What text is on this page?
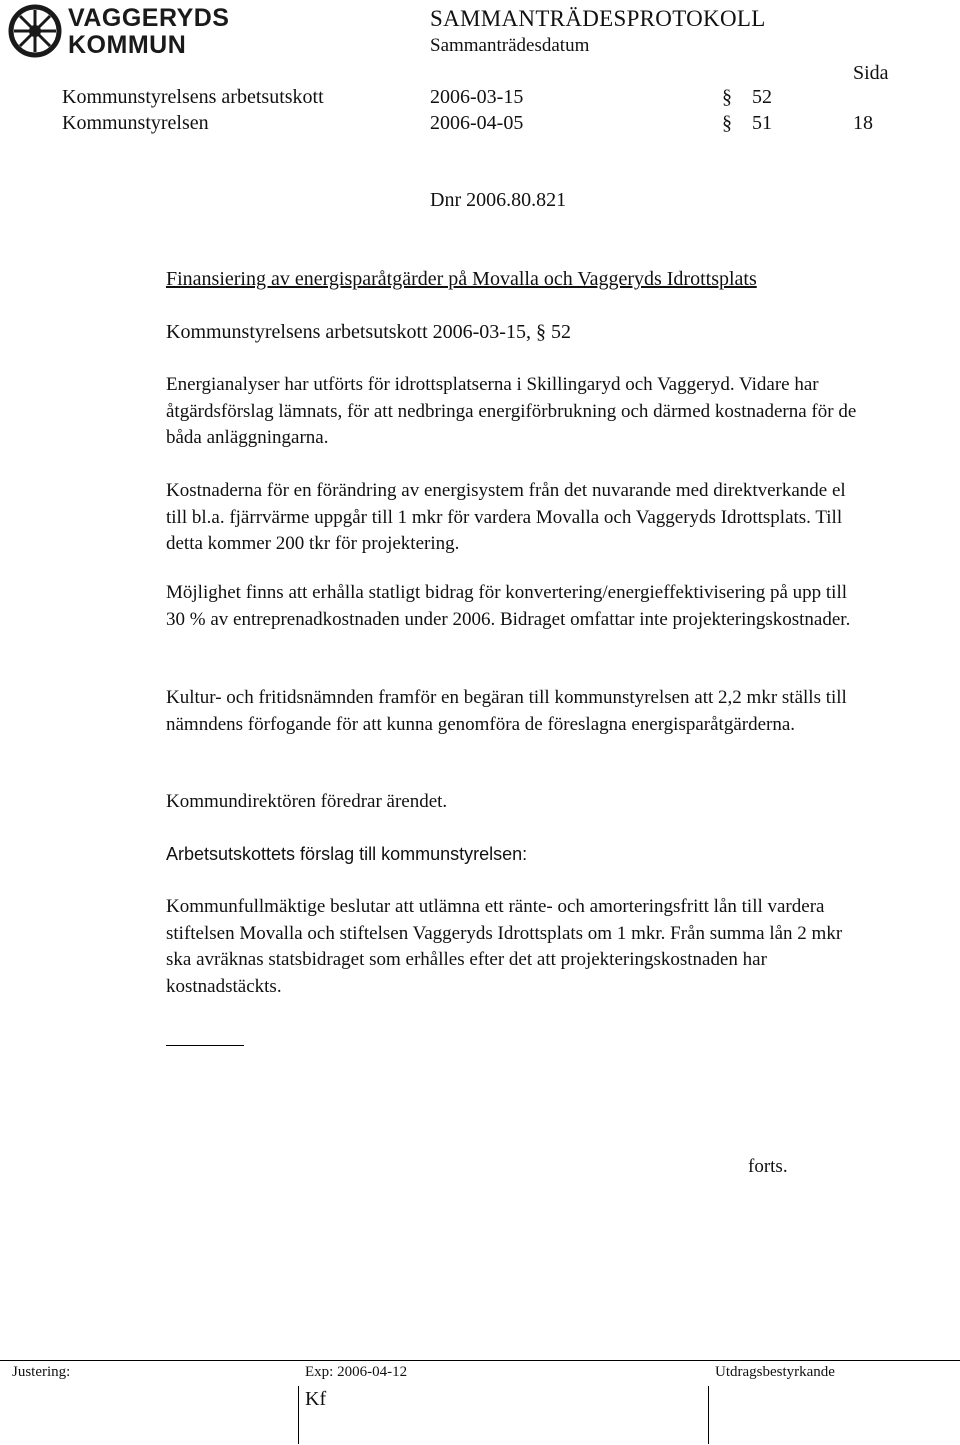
VAGGERYDS
KOMMUN
SAMMANTRÄDESPROTOKOLL
Sammanträdesdatum
Sida
Kommunstyrelsens arbetsutskott	2006-03-15	§ 52
Kommunstyrelsen	2006-04-05	§ 51	18
Dnr 2006.80.821
Finansiering av energisparåtgärder på Movalla och Vaggeryds Idrottsplats
Kommunstyrelsens arbetsutskott 2006-03-15, § 52

Energianalyser har utförts för idrottsplatserna i Skillingaryd och Vaggeryd. Vidare har åtgärdsförslag lämnats, för att nedbringa energiförbrukning och därmed kostnaderna för de båda anläggningarna.

Kostnaderna för en förändring av energisystem från det nuvarande med direktverkande el till bl.a. fjärrvärme uppgår till 1 mkr för vardera Movalla och Vaggeryds Idrottsplats. Till detta kommer 200 tkr för projektering.

Möjlighet finns att erhålla statligt bidrag för konvertering/energieffektivisering på upp till 30 % av entreprenadkostnaden under 2006. Bidraget omfattar inte projekteringskostnader.

Kultur- och fritidsnämnden framför en begäran till kommunstyrelsen att 2,2 mkr ställs till nämndens förfogande för att kunna genomföra de föreslagna energisparåtgärderna.

Kommundirektören föredrar ärendet.

Arbetsutskottets förslag till kommunstyrelsen:

Kommunfullmäktige beslutar att utlämna ett ränte- och amorteringsfritt lån till vardera stiftelsen Movalla och stiftelsen Vaggeryds Idrottsplats om 1 mkr. Från summa lån 2 mkr ska avräknas statsbidraget som erhålles efter det att projekteringskostnaden har kostnadstäckts.

forts.
Justering:	Exp: 2006-04-12	Utdragsbestyrkande
Kf
